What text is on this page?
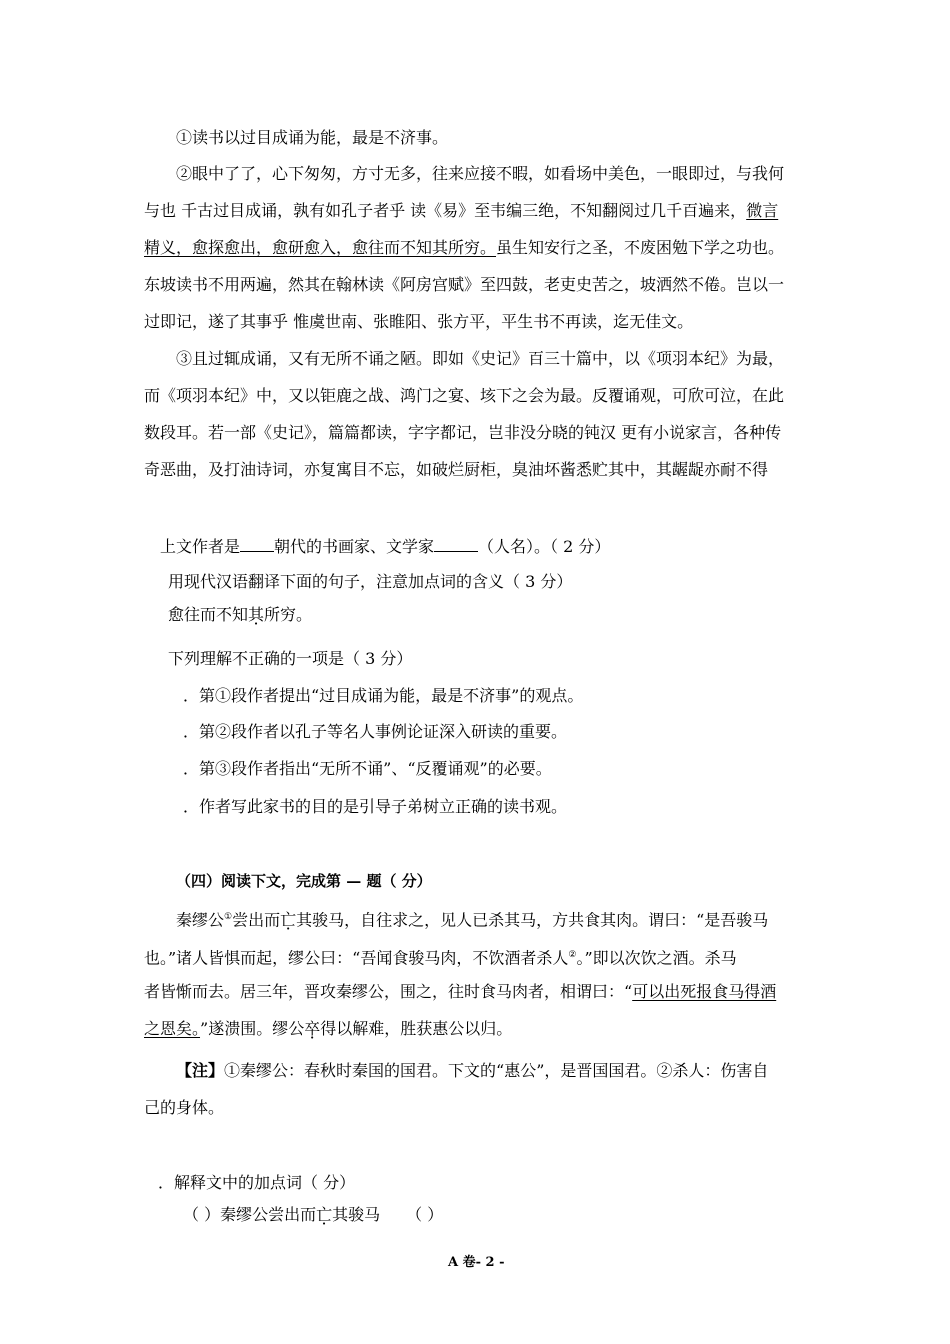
①读书以过目成诵为能，最是不济事。
②眼中了了，心下匆匆，方寸无多，往来应接不暇，如看场中美色，一眼即过，与我何
与也 千古过目成诵，孰有如孔子者乎 读《易》至韦编三绝，不知翻阅过几千百遍来，微言
精义，愈探愈出，愈研愈入，愈往而不知其所穷。虽生知安行之圣，不废困勉下学之功也。
东坡读书不用两遍，然其在翰林读《阿房宫赋》至四鼓，老吏史苦之，坡洒然不倦。岂以一
过即记，遂了其事乎 惟虞世南、张睢阳、张方平，平生书不再读，迄无佳文。
③且过辄成诵，又有无所不诵之陋。即如《史记》百三十篇中，以《项羽本纪》为最，
而《项羽本纪》中，又以钜鹿之战、鸿门之宴、垓下之会为最。反覆诵观，可欣可泣，在此
数段耳。若一部《史记》，篇篇都读，字字都记，岂非没分晓的钝汉 更有小说家言，各种传
奇恶曲，及打油诗词，亦复寓目不忘，如破烂厨柜，臭油坏酱悉贮其中，其龌龊亦耐不得
上文作者是 朝代的书画家、文学家	（人名）。（ 2 分）
用现代汉语翻译下面的句子，注意加点词的含义（ 3 分）
愈往而不知其所穷。
下列理解不正确的一项是（ 3 分）
．第①段作者提出“过目成诵为能，最是不济事”的观点。
．第②段作者以孔子等名人事例论证深入研读的重要。
．第③段作者指出“无所不诵”、“反覆诵观”的必要。
．作者写此家书的目的是引导子弟树立正确的读书观。
（四）阅读下文，完成第 — 题（ 分）
秦缪公①尝出而亡其骏马，自往求之，见人已杀其马，方共食其肉。谓曰：“是吾骏马
也。”诸人皆惧而起，缪公曰：“吾闻食骏马肉，不饮酒者杀人②。”即以次饮之酒。杀马
者皆惭而去。居三年，晋攻秦缪公，围之，往时食马肉者，相谓曰：“可以出死报食马得酒
之恩矣。”遂溃围。缪公卒得以解难，胜获惠公以归。
【注】①秦缪公：春秋时秦国的国君。下文的“惠公”，是晋国国君。②杀人：伤害自
己的身体。
．解释文中的加点词（ 分）
（ ）秦缪公尝出而亡其骏马 （ ）
A 卷- 2 -
